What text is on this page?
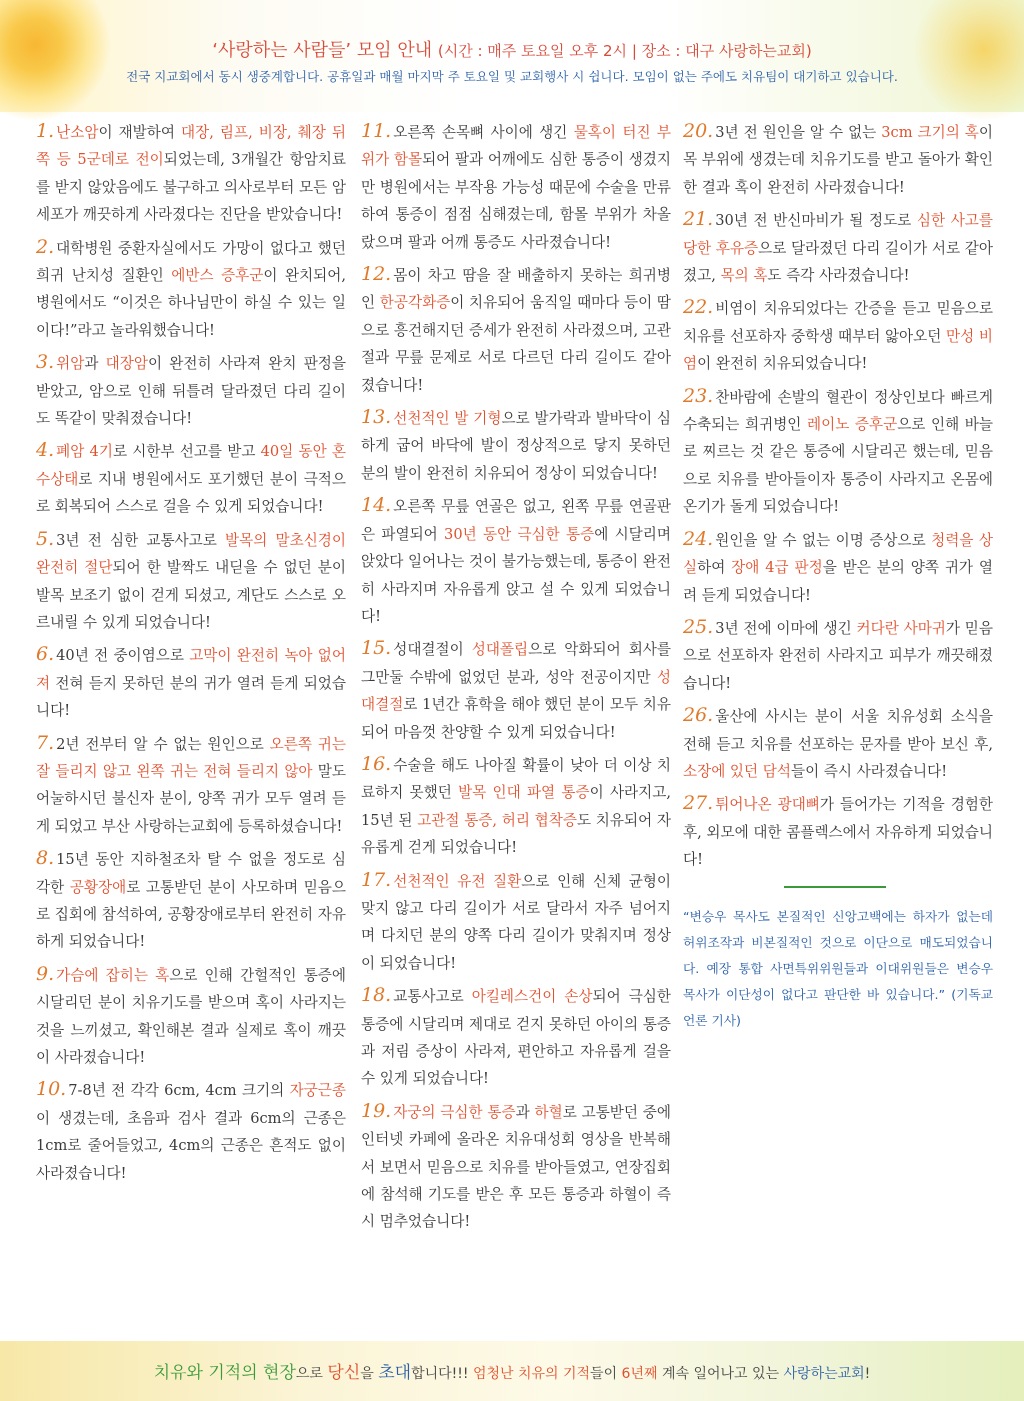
‘사랑하는 사람들’ 모임 안내 (시간 : 매주 토요일 오후 2시 | 장소 : 대구 사랑하는교회)
전국 지교회에서 동시 생중계합니다. 공휴일과 매월 마지막 주 토요일 및 교회행사 시 쉽니다. 모임이 없는 주에도 치유팀이 대기하고 있습니다.

1. 난소암이 재발하여 대장, 림프, 비장, 췌장 뒤쪽 등 5군데로 전이되었는데, 3개월간 항암치료를 받지 않았음에도 불구하고 의사로부터 모든 암세포가 깨끗하게 사라졌다는 진단을 받았습니다!

2. 대학병원 중환자실에서도 가망이 없다고 했던 희귀 난치성 질환인 에반스 증후군이 완치되어, 병원에서도 “이것은 하나님만이 하실 수 있는 일이다!”라고 놀라워했습니다!

3. 위암과 대장암이 완전히 사라져 완치 판정을 받았고, 암으로 인해 뒤틀려 달라졌던 다리 길이도 똑같이 맞춰졌습니다!

4. 폐암 4기로 시한부 선고를 받고 40일 동안 혼수상태로 지내 병원에서도 포기했던 분이 극적으로 회복되어 스스로 걸을 수 있게 되었습니다!

5. 3년 전 심한 교통사고로 발목의 말초신경이 완전히 절단되어 한 발짝도 내딛을 수 없던 분이 발목 보조기 없이 걷게 되셨고, 계단도 스스로 오르내릴 수 있게 되었습니다!

6. 40년 전 중이염으로 고막이 완전히 녹아 없어져 전혀 듣지 못하던 분의 귀가 열려 듣게 되었습니다!

7. 2년 전부터 알 수 없는 원인으로 오른쪽 귀는 잘 들리지 않고 왼쪽 귀는 전혀 들리지 않아 말도 어눌하시던 불신자 분이, 양쪽 귀가 모두 열려 듣게 되었고 부산 사랑하는교회에 등록하셨습니다!

8. 15년 동안 지하철조차 탈 수 없을 정도로 심각한 공황장애로 고통받던 분이 사모하며 믿음으로 집회에 참석하여, 공황장애로부터 완전히 자유하게 되었습니다!

9. 가슴에 잡히는 혹으로 인해 간헐적인 통증에 시달리던 분이 치유기도를 받으며 혹이 사라지는 것을 느끼셨고, 확인해본 결과 실제로 혹이 깨끗이 사라졌습니다!

10. 7-8년 전 각각 6cm, 4cm 크기의 자궁근종이 생겼는데, 초음파 검사 결과 6cm의 근종은 1cm로 줄어들었고, 4cm의 근종은 흔적도 없이 사라졌습니다!

11. 오른쪽 손목뼈 사이에 생긴 물혹이 터진 부위가 함몰되어 팔과 어깨에도 심한 통증이 생겼지만 병원에서는 부작용 가능성 때문에 수술을 만류하여 통증이 점점 심해졌는데, 함몰 부위가 차올랐으며 팔과 어깨 통증도 사라졌습니다!

12. 몸이 차고 땀을 잘 배출하지 못하는 희귀병인 한공각화증이 치유되어 움직일 때마다 등이 땀으로 흥건해지던 증세가 완전히 사라졌으며, 고관절과 무릎 문제로 서로 다르던 다리 길이도 같아졌습니다!

13. 선천적인 발 기형으로 발가락과 발바닥이 심하게 굽어 바닥에 발이 정상적으로 닿지 못하던 분의 발이 완전히 치유되어 정상이 되었습니다!

14. 오른쪽 무릎 연골은 없고, 왼쪽 무릎 연골판은 파열되어 30년 동안 극심한 통증에 시달리며 앉았다 일어나는 것이 불가능했는데, 통증이 완전히 사라지며 자유롭게 앉고 설 수 있게 되었습니다!

15. 성대결절이 성대폴립으로 악화되어 회사를 그만둘 수밖에 없었던 분과, 성악 전공이지만 성대결절로 1년간 휴학을 해야 했던 분이 모두 치유되어 마음껏 찬양할 수 있게 되었습니다!

16. 수술을 해도 나아질 확률이 낮아 더 이상 치료하지 못했던 발목 인대 파열 통증이 사라지고, 15년 된 고관절 통증, 허리 협착증도 치유되어 자유롭게 걷게 되었습니다!

17. 선천적인 유전 질환으로 인해 신체 균형이 맞지 않고 다리 길이가 서로 달라서 자주 넘어지며 다치던 분의 양쪽 다리 길이가 맞춰지며 정상이 되었습니다!

18. 교통사고로 아킬레스건이 손상되어 극심한 통증에 시달리며 제대로 걷지 못하던 아이의 통증과 저림 증상이 사라져, 편안하고 자유롭게 걸을 수 있게 되었습니다!

19. 자궁의 극심한 통증과 하혈로 고통받던 중에 인터넷 카페에 올라온 치유대성회 영상을 반복해서 보면서 믿음으로 치유를 받아들였고, 연장집회에 참석해 기도를 받은 후 모든 통증과 하혈이 즉시 멈추었습니다!

20. 3년 전 원인을 알 수 없는 3cm 크기의 혹이 목 부위에 생겼는데 치유기도를 받고 돌아가 확인한 결과 혹이 완전히 사라졌습니다!

21. 30년 전 반신마비가 될 정도로 심한 사고를 당한 후유증으로 달라졌던 다리 길이가 서로 같아졌고, 목의 혹도 즉각 사라졌습니다!

22. 비염이 치유되었다는 간증을 듣고 믿음으로 치유를 선포하자 중학생 때부터 앓아오던 만성 비염이 완전히 치유되었습니다!

23. 찬바람에 손발의 혈관이 정상인보다 빠르게 수축되는 희귀병인 레이노 증후군으로 인해 바늘로 찌르는 것 같은 통증에 시달리곤 했는데, 믿음으로 치유를 받아들이자 통증이 사라지고 온몸에 온기가 돌게 되었습니다!

24. 원인을 알 수 없는 이명 증상으로 청력을 상실하여 장애 4급 판정을 받은 분의 양쪽 귀가 열려 듣게 되었습니다!

25. 3년 전에 이마에 생긴 커다란 사마귀가 믿음으로 선포하자 완전히 사라지고 피부가 깨끗해졌습니다!

26. 울산에 사시는 분이 서울 치유성회 소식을 전해 듣고 치유를 선포하는 문자를 받아 보신 후, 소장에 있던 담석들이 즉시 사라졌습니다!

27. 튀어나온 광대뼈가 들어가는 기적을 경험한 후, 외모에 대한 콤플렉스에서 자유하게 되었습니다!

“변승우 목사도 본질적인 신앙고백에는 하자가 없는데 허위조작과 비본질적인 것으로 이단으로 매도되었습니다. 예장 통합 사면특위위원들과 이대위원들은 변승우 목사가 이단성이 없다고 판단한 바 있습니다.” (기독교 언론 기사)
치유와 기적의 현장으로 당신을 초대합니다!!! 엄청난 치유의 기적들이 6년째 계속 일어나고 있는 사랑하는교회!
